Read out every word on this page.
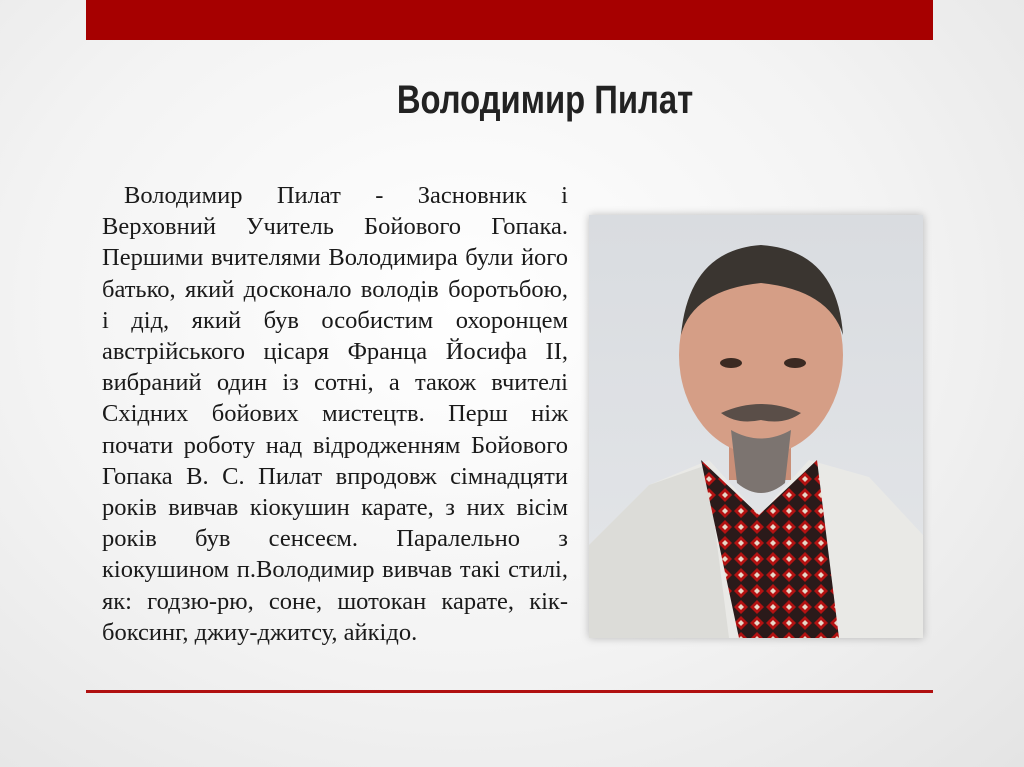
Володимир Пилат
Володимир Пилат - Засновник і Верховний Учитель Бойового Гопака. Першими вчителями Володимира були його батько, який досконало володів боротьбою, і дід, який був особистим охоронцем австрійського цісаря Франца Йосифа ІІ, вибраний один із сотні, а також вчителі Східних бойових мистецтв. Перш ніж почати роботу над відродженням Бойового Гопака В. С. Пилат впродовж сімнадцяти років вивчав кіокушин карате, з них вісім років був сенсеєм. Паралельно з кіокушином п.Володимир вивчав такі стилі, як: годзю-рю, соне, шотокан карате, кік-боксинг, джиу-джитсу, айкідо.
